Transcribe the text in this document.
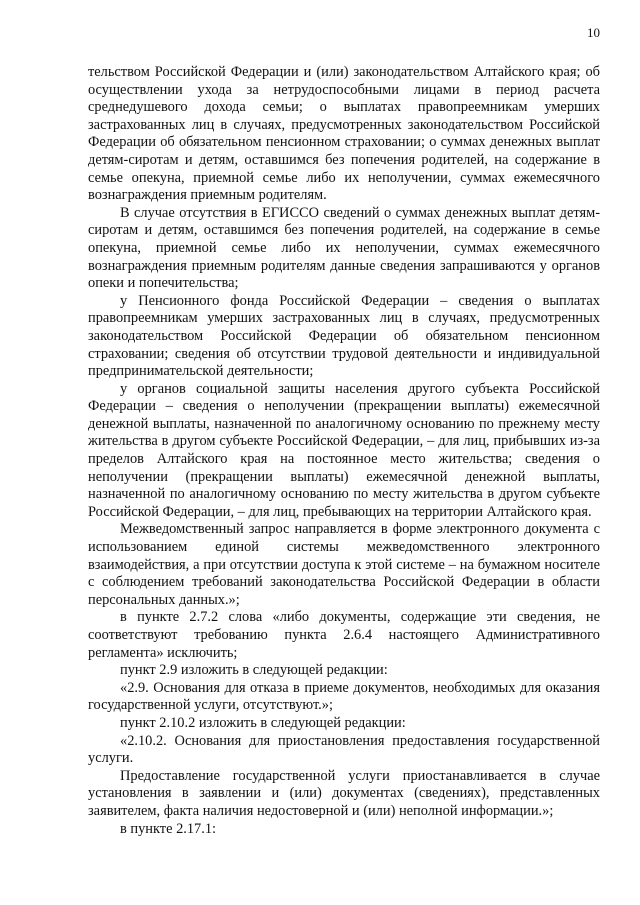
10

тельством Российской Федерации и (или) законодательством Алтайского края; об осуществлении ухода за нетрудоспособными лицами в период расчета среднедушевого дохода семьи; о выплатах правопреемникам умерших застрахованных лиц в случаях, предусмотренных законодательством Российской Федерации об обязательном пенсионном страховании; о суммах денежных выплат детям-сиротам и детям, оставшимся без попечения родителей, на содержание в семье опекуна, приемной семье либо их неполучении, суммах ежемесячного вознаграждения приемным родителям.

В случае отсутствия в ЕГИССО сведений о суммах денежных выплат детям-сиротам и детям, оставшимся без попечения родителей, на содержание в семье опекуна, приемной семье либо их неполучении, суммах ежемесячного вознаграждения приемным родителям данные сведения запрашиваются у органов опеки и попечительства;

у Пенсионного фонда Российской Федерации – сведения о выплатах правопреемникам умерших застрахованных лиц в случаях, предусмотренных законодательством Российской Федерации об обязательном пенсионном страховании; сведения об отсутствии трудовой деятельности и индивидуальной предпринимательской деятельности;

у органов социальной защиты населения другого субъекта Российской Федерации – сведения о неполучении (прекращении выплаты) ежемесячной денежной выплаты, назначенной по аналогичному основанию по прежнему месту жительства в другом субъекте Российской Федерации, – для лиц, прибывших из-за пределов Алтайского края на постоянное место жительства; сведения о неполучении (прекращении выплаты) ежемесячной денежной выплаты, назначенной по аналогичному основанию по месту жительства в другом субъекте Российской Федерации, – для лиц, пребывающих на территории Алтайского края.

Межведомственный запрос направляется в форме электронного документа с использованием единой системы межведомственного электронного взаимодействия, а при отсутствии доступа к этой системе – на бумажном носителе с соблюдением требований законодательства Российской Федерации в области персональных данных.»;

в пункте 2.7.2 слова «либо документы, содержащие эти сведения, не соответствуют требованию пункта 2.6.4 настоящего Административного регламента» исключить;

пункт 2.9 изложить в следующей редакции:

«2.9. Основания для отказа в приеме документов, необходимых для оказания государственной услуги, отсутствуют.»;

пункт 2.10.2 изложить в следующей редакции:

«2.10.2. Основания для приостановления предоставления государственной услуги.

Предоставление государственной услуги приостанавливается в случае установления в заявлении и (или) документах (сведениях), представленных заявителем, факта наличия недостоверной и (или) неполной информации.»;

в пункте 2.17.1:
